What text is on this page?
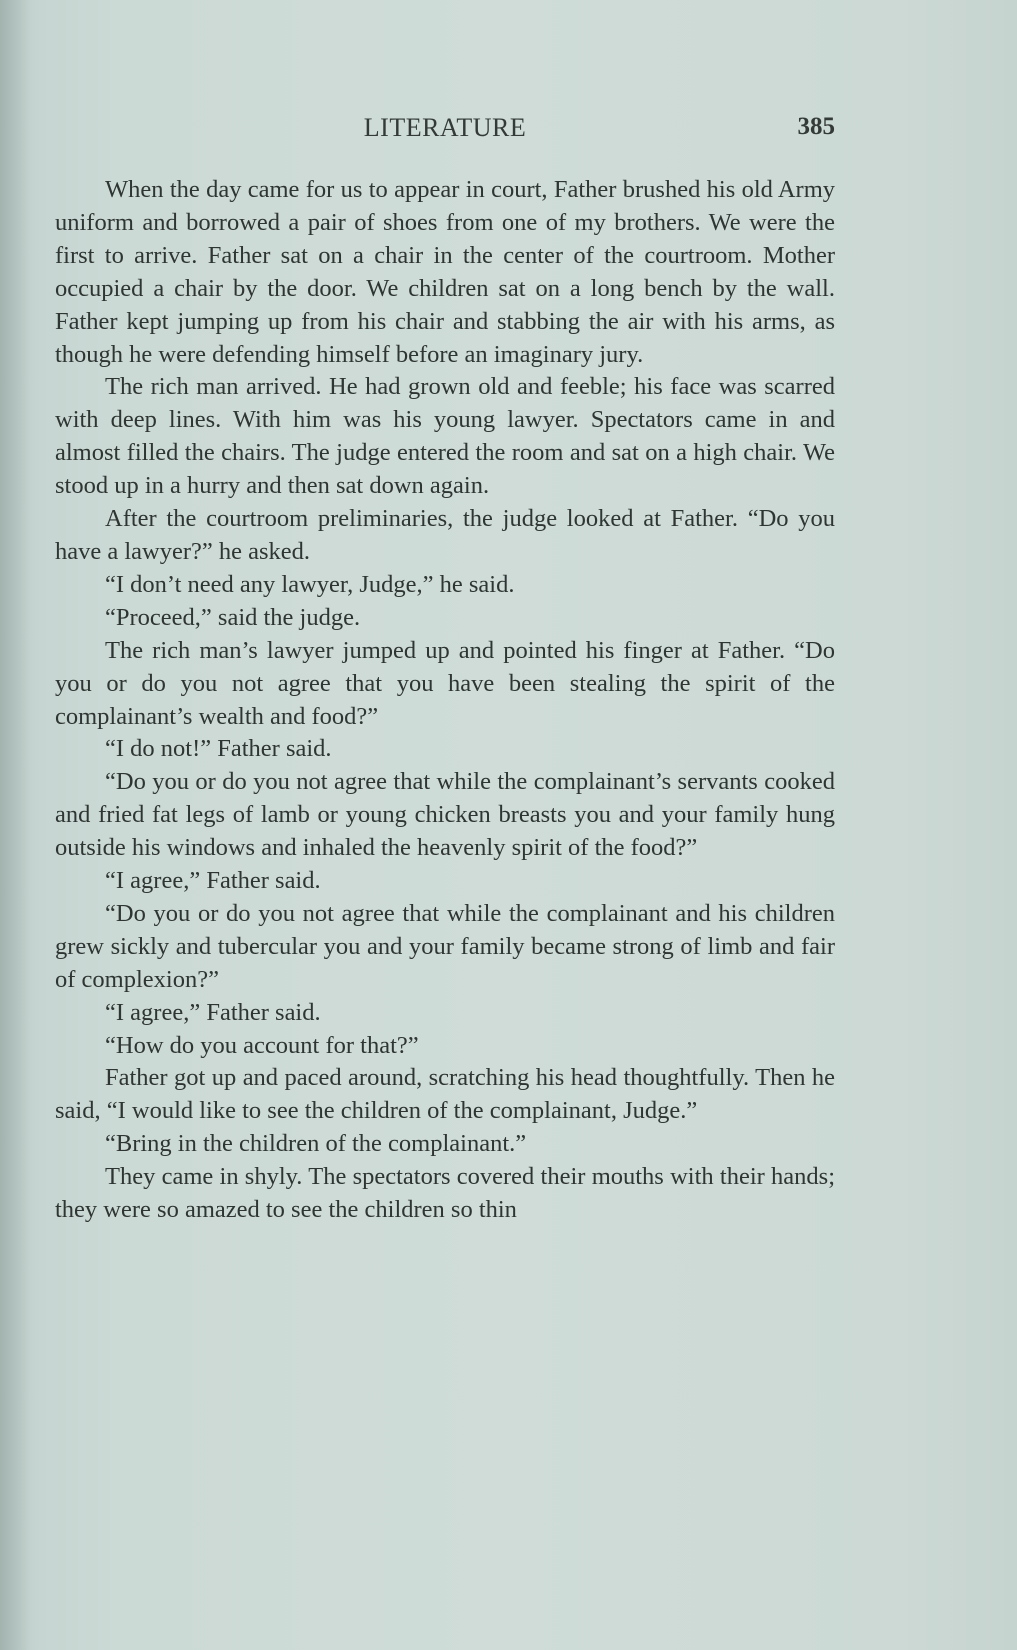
LITERATURE	385

When the day came for us to appear in court, Father brushed his old Army uniform and borrowed a pair of shoes from one of my brothers. We were the first to arrive. Father sat on a chair in the center of the courtroom. Mother occupied a chair by the door. We children sat on a long bench by the wall. Father kept jumping up from his chair and stabbing the air with his arms, as though he were defending himself before an imaginary jury.

The rich man arrived. He had grown old and feeble; his face was scarred with deep lines. With him was his young lawyer. Spectators came in and almost filled the chairs. The judge entered the room and sat on a high chair. We stood up in a hurry and then sat down again.

After the courtroom preliminaries, the judge looked at Father. “Do you have a lawyer?” he asked.

“I don’t need any lawyer, Judge,” he said.

“Proceed,” said the judge.

The rich man’s lawyer jumped up and pointed his finger at Father. “Do you or do you not agree that you have been stealing the spirit of the complainant’s wealth and food?”

“I do not!” Father said.

“Do you or do you not agree that while the complainant’s servants cooked and fried fat legs of lamb or young chicken breasts you and your family hung outside his windows and inhaled the heavenly spirit of the food?”

“I agree,” Father said.

“Do you or do you not agree that while the complainant and his children grew sickly and tubercular you and your family became strong of limb and fair of complexion?”

“I agree,” Father said.

“How do you account for that?”

Father got up and paced around, scratching his head thoughtfully. Then he said, “I would like to see the children of the complainant, Judge.”

“Bring in the children of the complainant.”

They came in shyly. The spectators covered their mouths with their hands; they were so amazed to see the children so thin
